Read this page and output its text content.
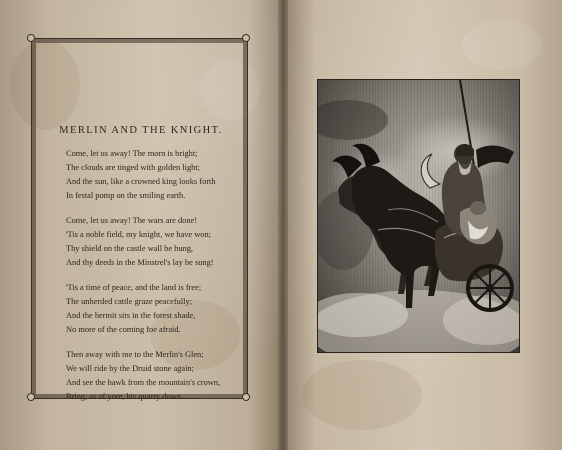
MERLIN AND THE KNIGHT.
Come, let us away! The morn is bright;
The clouds are tinged with golden light;
And the sun, like a crowned king looks forth
In festal pomp on the smiling earth.
Come, let us away! The wars are done!
'Tis a noble field, my knight, we have won;
Thy shield on the castle wall be hung,
And thy deeds in the Minstrel's lay be sung!
'Tis a time of peace, and the land is free;
The unherded cattle graze peacefully;
And the hermit sits in the forest shade,
No more of the coming foe afraid.
Then away with me to the Merlin's Glen;
We will ride by the Druid stone again;
And see the hawk from the mountain's crown,
Bring, as of yore, his quarry down.
